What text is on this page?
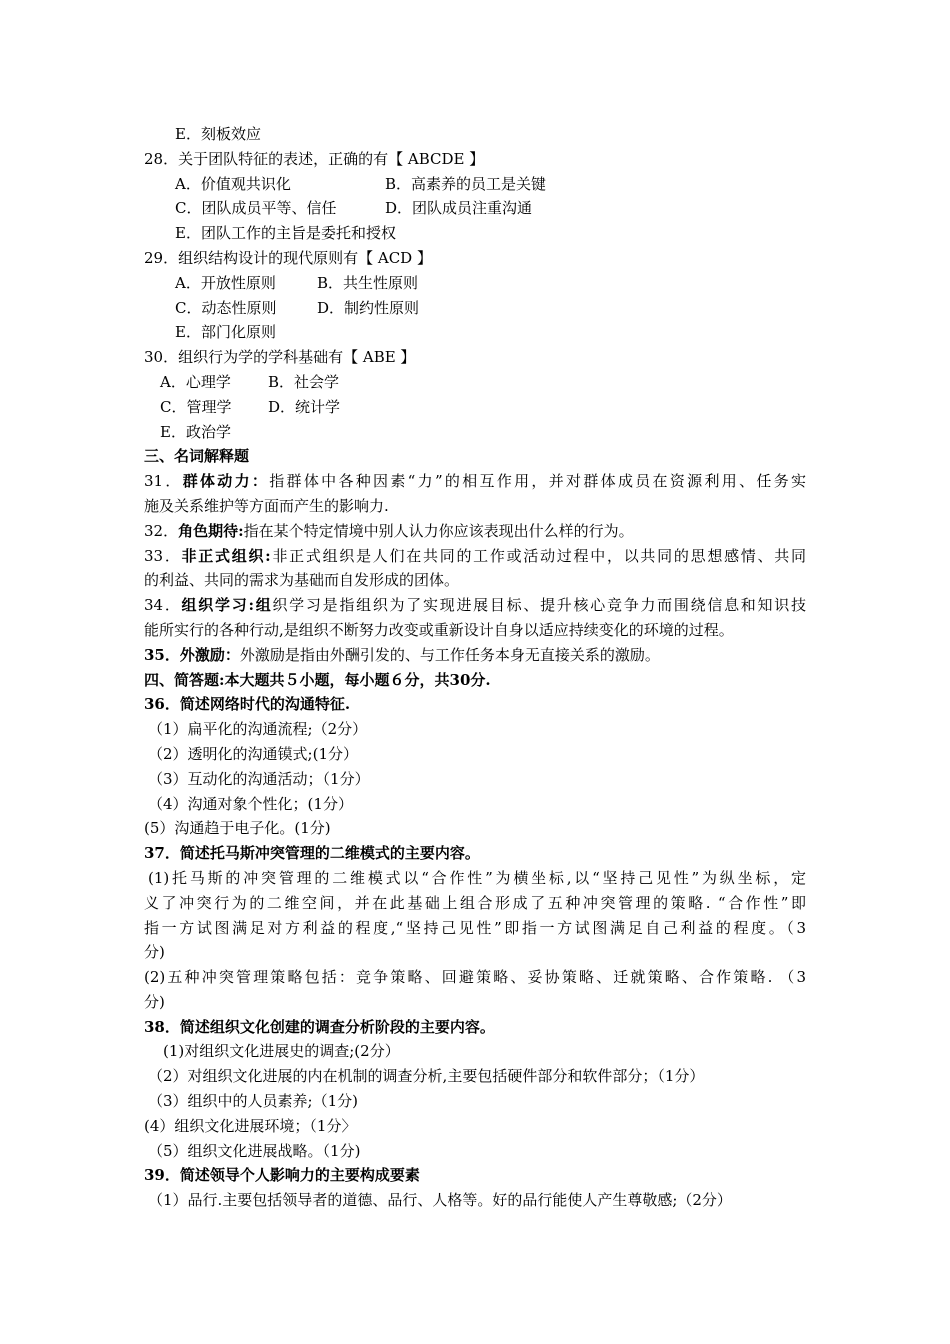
E．刻板效应
28．关于团队特征的表述，正确的有【 ABCDE 】
A．价值观共识化	B．高素养的员工是关键
C．团队成员平等、信任	D．团队成员注重沟通
E．团队工作的主旨是委托和授权
29．组织结构设计的现代原则有【 ACD 】
A．开放性原则	B．共生性原则
C．动态性原则	D．制约性原则
E．部门化原则
30．组织行为学的学科基础有【 ABE 】
A．心理学 B．社会学
C．管理学 D．统计学
E．政治学
三、名词解释题
31．群体动力：指群体中各种因素“力”的相互作用，并对群体成员在资源利用、任务实
施及关系维护等方面而产生的影响力.
32．角色期待:指在某个特定情境中别人认力你应该表现出什么样的行为。
33．非正式组织:非正式组织是人们在共同的工作或活动过程中，以共同的思想感情、共同
的利益、共同的需求为基础而自发形成的团体。
34．组织学习:组织学习是指组织为了实现进展目标、提升核心竞争力而围绕信息和知识技
能所实行的各种行动,是组织不断努力改变或重新设计自身以适应持续变化的环境的过程。
35．外激励：外激励是指由外酬引发的、与工作任务本身无直接关系的激励。
四、简答题:本大题共５小题，每小题６分，共30分.
36．简述网络时代的沟通特征.
（1）扁平化的沟通流程;（2分）
（2）透明化的沟通镆式;(1分）
（3）互动化的沟通活动；（1分）
（4）沟通对象个性化；(1分）
(5）沟通趋于电子化。(1分)
37．简述托马斯冲突管理的二维模式的主要内容。
(1)托马斯的冲突管理的二维模式以“合作性”为横坐标,以“坚持己见性”为纵坐标，定
义了冲突行为的二维空间，并在此基础上组合形成了五种冲突管理的策略. “合作性”即
指一方试图满足对方利益的程度,“坚持己见性”即指一方试图满足自己利益的程度。（3
分)
(2)五种冲突管理策略包括：竞争策略、回避策略、妥协策略、迁就策略、合作策略. （3
分)
38．简述组织文化创建的调查分析阶段的主要内容。
(1)对组织文化进展史的调查;(2分）
（2）对组织文化进展的内在机制的调查分析,主要包括硬件部分和软件部分；（1分）
（3）组织中的人员素养;（1分)
(4）组织文化进展环境；（1分〉
（5）组织文化进展战略。（1分)
39．简述领导个人影响力的主要构成要素
（1）品行.主要包括领导者的道德、品行、人格等。好的品行能使人产生尊敬感;（2分）
